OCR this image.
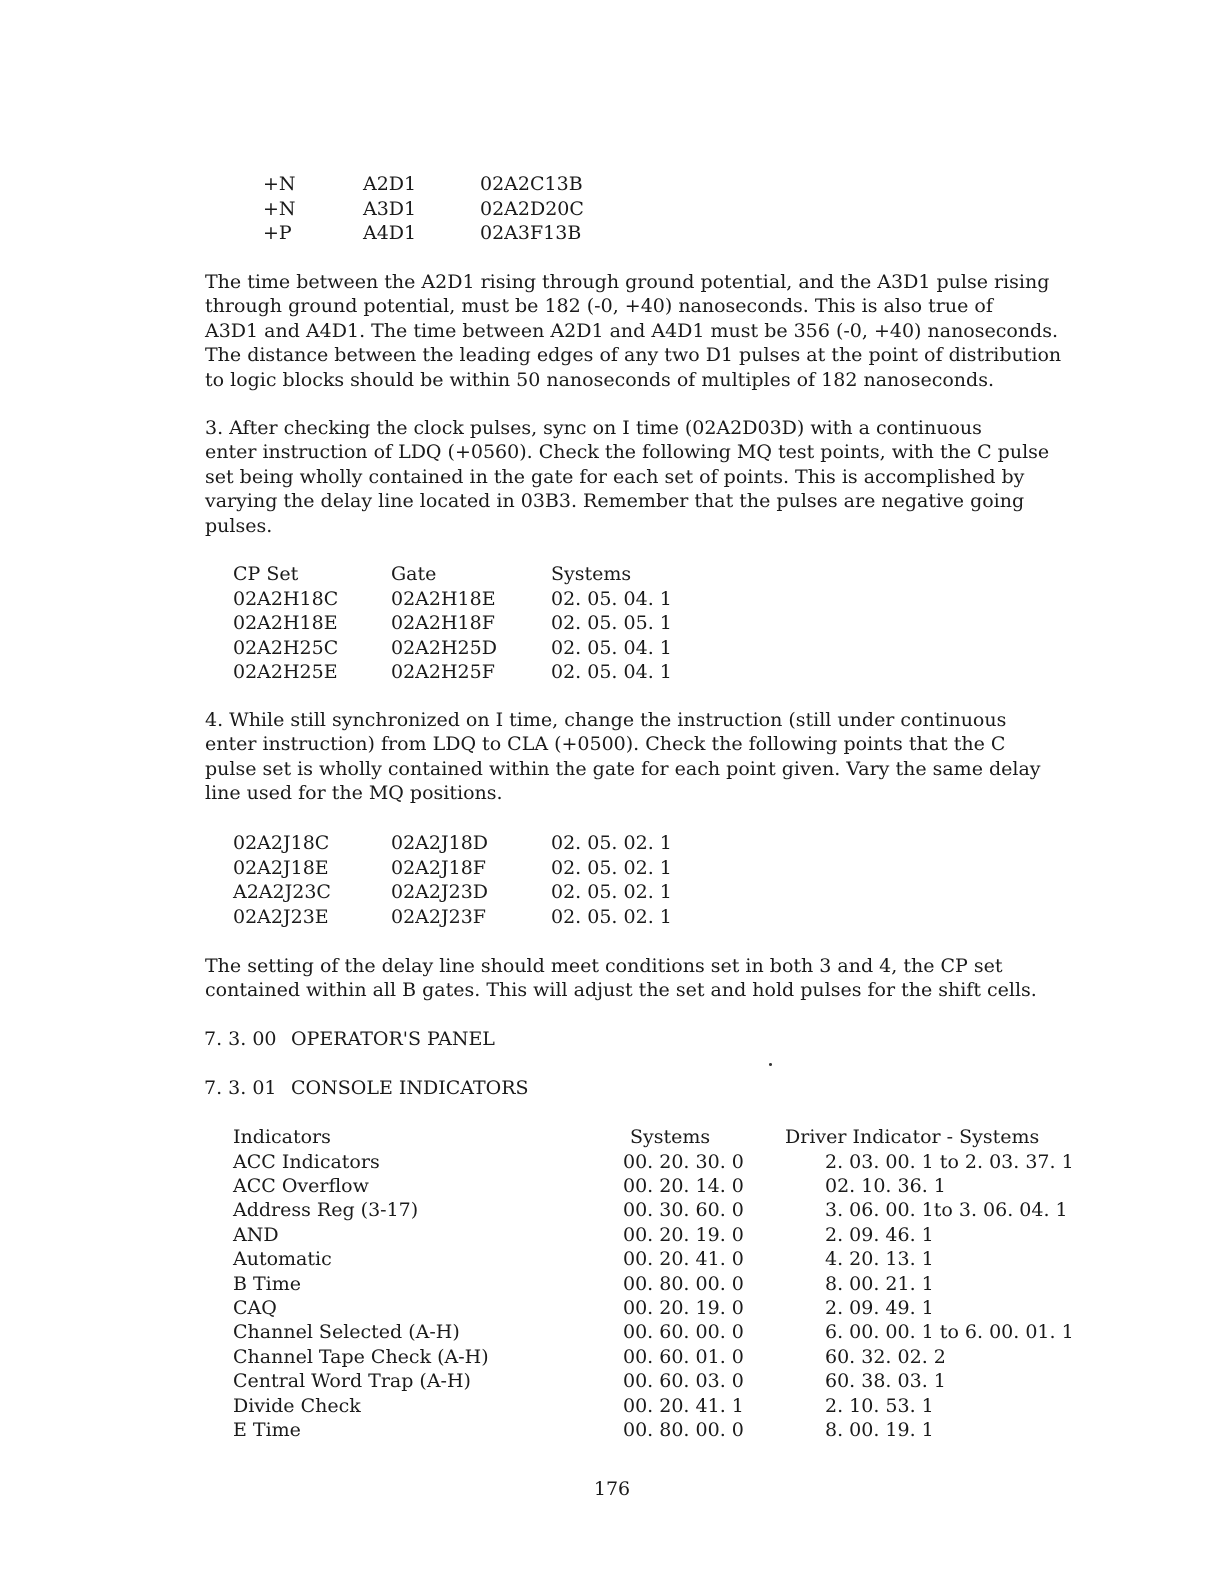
+N	A2D1	02A2C13B
+N	A3D1	02A2D20C
+P	A4D1	02A3F13B
The time between the A2D1 rising through ground potential, and the A3D1 pulse rising
through ground potential, must be 182 (-0, +40) nanoseconds. This is also true of
A3D1 and A4D1. The time between A2D1 and A4D1 must be 356 (-0, +40) nanoseconds.
The distance between the leading edges of any two D1 pulses at the point of distribution
to logic blocks should be within 50 nanoseconds of multiples of 182 nanoseconds.
3. After checking the clock pulses, sync on I time (02A2D03D) with a continuous
enter instruction of LDQ (+0560). Check the following MQ test points, with the C pulse
set being wholly contained in the gate for each set of points. This is accomplished by
varying the delay line located in 03B3. Remember that the pulses are negative going
pulses.
CP Set	Gate	Systems
02A2H18C	02A2H18E	02. 05. 04. 1
02A2H18E	02A2H18F	02. 05. 05. 1
02A2H25C	02A2H25D	02. 05. 04. 1
02A2H25E	02A2H25F	02. 05. 04. 1
4. While still synchronized on I time, change the instruction (still under continuous
enter instruction) from LDQ to CLA (+0500). Check the following points that the C
pulse set is wholly contained within the gate for each point given. Vary the same delay
line used for the MQ positions.
02A2J18C	02A2J18D	02. 05. 02. 1
02A2J18E	02A2J18F	02. 05. 02. 1
A2A2J23C	02A2J23D	02. 05. 02. 1
02A2J23E	02A2J23F	02. 05. 02. 1
The setting of the delay line should meet conditions set in both 3 and 4, the CP set
contained within all B gates. This will adjust the set and hold pulses for the shift cells.
7. 3. 00 OPERATOR'S PANEL
7. 3. 01 CONSOLE INDICATORS
Indicators	Systems	Driver Indicator - Systems
ACC Indicators	00. 20. 30. 0	2. 03. 00. 1 to 2. 03. 37. 1
ACC Overflow	00. 20. 14. 0	02. 10. 36. 1
Address Reg (3-17)	00. 30. 60. 0	3. 06. 00. 1to 3. 06. 04. 1
AND	00. 20. 19. 0	2. 09. 46. 1
Automatic	00. 20. 41. 0	4. 20. 13. 1
B Time	00. 80. 00. 0	8. 00. 21. 1
CAQ	00. 20. 19. 0	2. 09. 49. 1
Channel Selected (A-H)	00. 60. 00. 0	6. 00. 00. 1 to 6. 00. 01. 1
Channel Tape Check (A-H)	00. 60. 01. 0	60. 32. 02. 2
Central Word Trap (A-H)	00. 60. 03. 0	60. 38. 03. 1
Divide Check	00. 20. 41. 1	2. 10. 53. 1
E Time	00. 80. 00. 0	8. 00. 19. 1
176
